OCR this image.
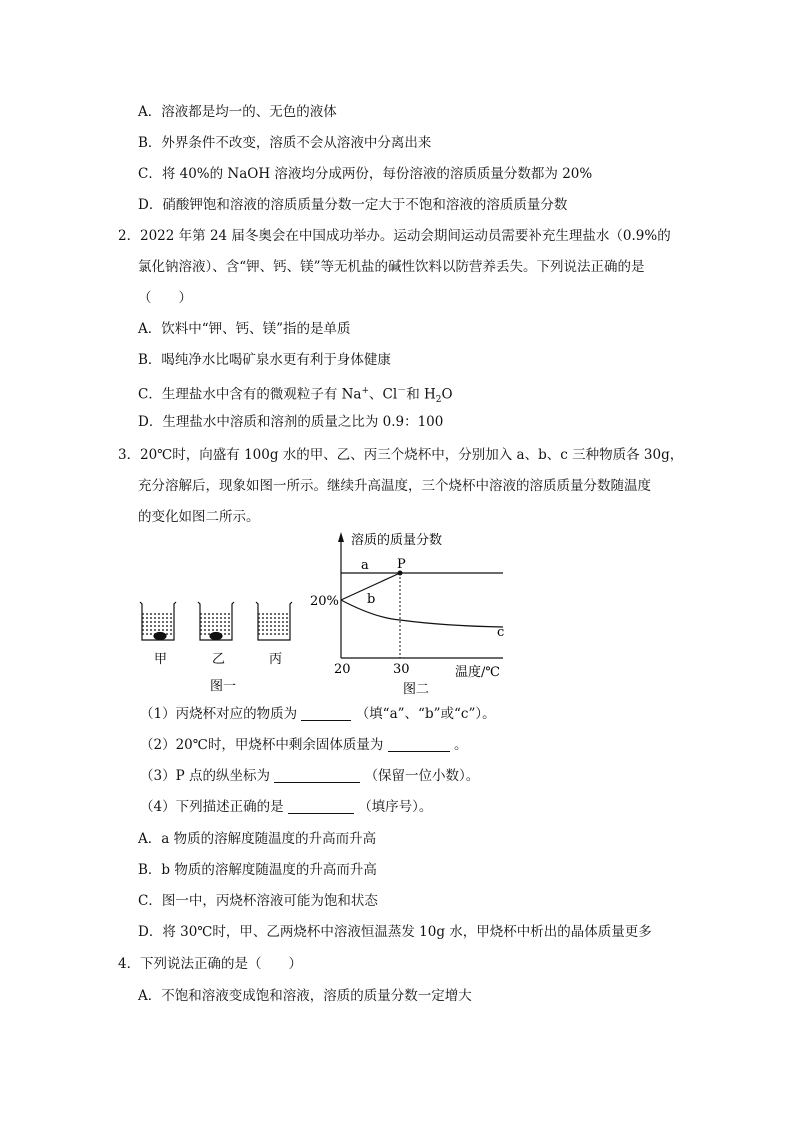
A．溶液都是均一的、无色的液体
B．外界条件不改变，溶质不会从溶液中分离出来
C．将 40%的 NaOH 溶液均分成两份，每份溶液的溶质质量分数都为 20%
D．硝酸钾饱和溶液的溶质质量分数一定大于不饱和溶液的溶质质量分数
2． 2022 年第 24 届冬奥会在中国成功举办。运动会期间运动员需要补充生理盐水（0.9%的
氯化钠溶液）、含“钾、钙、镁”等无机盐的碱性饮料以防营养丢失。下列说法正确的是
（　　）
A．饮料中“钾、钙、镁”指的是单质
B．喝纯净水比喝矿泉水更有利于身体健康
C．生理盐水中含有的微观粒子有 Na+、Cl－和 $H_2O$
D．生理盐水中溶质和溶剂的质量之比为 0.9：100
3． 20℃时，向盛有 100g 水的甲、乙、丙三个烧杯中，分别加入 a、b、c 三种物质各 30g，
充分溶解后，现象如图一所示。继续升高温度，三个烧杯中溶液的溶质质量分数随温度
的变化如图二所示。
甲	乙	丙
图一
溶质的质量分数
20%
20	30	温度/℃
a
b
c
P
图二
（1）丙烧杯对应的物质为	（填“a”、“b”或“c”）。
（2）20℃时，甲烧杯中剩余固体质量为	。
（3）P 点的纵坐标为	（保留一位小数）。
（4）下列描述正确的是	（填序号）。
A．a 物质的溶解度随温度的升高而升高
B．b 物质的溶解度随温度的升高而升高
C．图一中，丙烧杯溶液可能为饱和状态
D．将 30℃时，甲、乙两烧杯中溶液恒温蒸发 10g 水，甲烧杯中析出的晶体质量更多
4． 下列说法正确的是（　　）
A．不饱和溶液变成饱和溶液，溶质的质量分数一定增大
